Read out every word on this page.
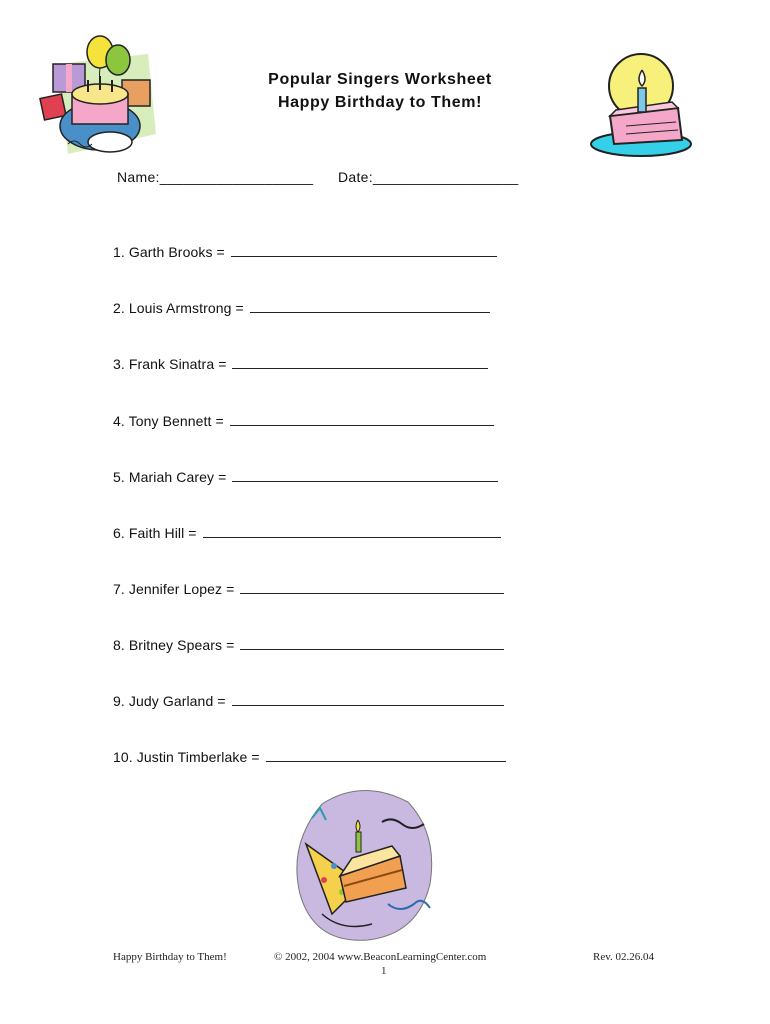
Popular Singers Worksheet
Happy Birthday to Them!
Name:___________________ Date:__________________
1. Garth Brooks =
2. Louis Armstrong =
3. Frank Sinatra =
4. Tony Bennett =
5. Mariah Carey =
6. Faith Hill =
7. Jennifer Lopez =
8. Britney Spears =
9. Judy Garland =
10. Justin Timberlake =
Happy Birthday to Them!	© 2002, 2004 www.BeaconLearningCenter.com
1
Rev. 02.26.04
